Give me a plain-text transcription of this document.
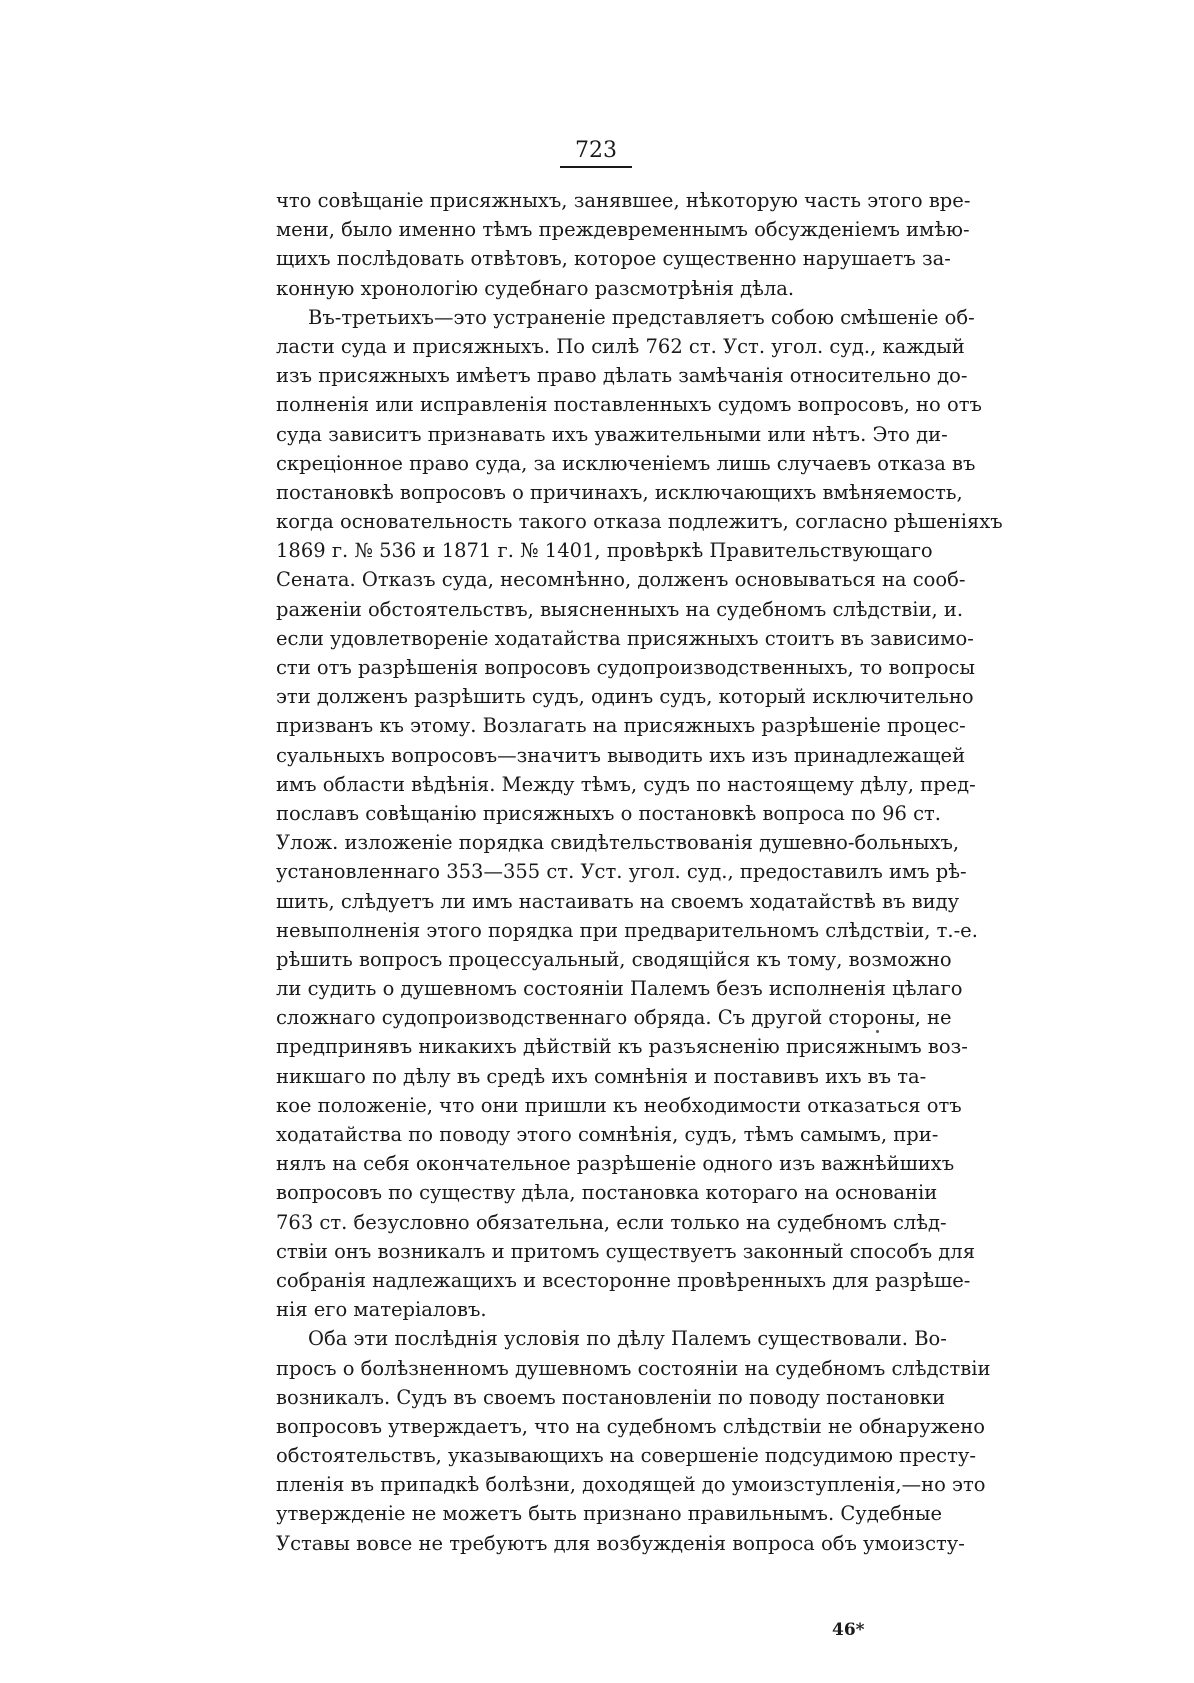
723
что совѣщаніе присяжныхъ, занявшее, нѣкоторую часть этого вре-
мени, было именно тѣмъ преждевременнымъ обсужденіемъ имѣю-
щихъ послѣдовать отвѣтовъ, которое существенно нарушаетъ за-
конную хронологію судебнаго разсмотрѣнія дѣла.
Въ-третьихъ—это устраненіе представляетъ собою смѣшеніе об-
ласти суда и присяжныхъ. По силѣ 762 ст. Уст. угол. суд., каждый
изъ присяжныхъ имѣетъ право дѣлать замѣчанія относительно до-
полненія или исправленія поставленныхъ судомъ вопросовъ, но отъ
суда зависитъ признавать ихъ уважительными или нѣтъ. Это ди-
скреціонное право суда, за исключеніемъ лишь случаевъ отказа въ
постановкѣ вопросовъ о причинахъ, исключающихъ вмѣняемость,
когда основательность такого отказа подлежитъ, согласно рѣшеніяхъ
1869 г. № 536 и 1871 г. № 1401, провѣркѣ Правительствующаго
Сената. Отказъ суда, несомнѣнно, долженъ основываться на сооб-
раженіи обстоятельствъ, выясненныхъ на судебномъ слѣдствіи, и.
если удовлетвореніе ходатайства присяжныхъ стоитъ въ зависимо-
сти отъ разрѣшенія вопросовъ судопроизводственныхъ, то вопросы
эти долженъ разрѣшить судъ, одинъ судъ, который исключительно
призванъ къ этому. Возлагать на присяжныхъ разрѣшеніе процес-
суальныхъ вопросовъ—значитъ выводить ихъ изъ принадлежащей
имъ области вѣдѣнія. Между тѣмъ, судъ по настоящему дѣлу, пред-
пославъ совѣщанію присяжныхъ о постановкѣ вопроса по 96 ст.
Улож. изложеніе порядка свидѣтельствованія душевно-больныхъ,
установленнаго 353—355 ст. Уст. угол. суд., предоставилъ имъ рѣ-
шить, слѣдуетъ ли имъ настаивать на своемъ ходатайствѣ въ виду
невыполненія этого порядка при предварительномъ слѣдствіи, т.-е.
рѣшить вопросъ процессуальный, сводящійся къ тому, возможно
ли судить о душевномъ состояніи Палемъ безъ исполненія цѣлаго
сложнаго судопроизводственнаго обряда. Съ другой стороны, не
предпринявъ никакихъ дѣйствій къ разъясненію присяжнымъ воз-
никшаго по дѣлу въ средѣ ихъ сомнѣнія и поставивъ ихъ въ та-
кое положеніе, что они пришли къ необходимости отказаться отъ
ходатайства по поводу этого сомнѣнія, судъ, тѣмъ самымъ, при-
нялъ на себя окончательное разрѣшеніе одного изъ важнѣйшихъ
вопросовъ по существу дѣла, постановка котораго на основаніи
763 ст. безусловно обязательна, если только на судебномъ слѣд-
ствіи онъ возникалъ и притомъ существуетъ законный способъ для
собранія надлежащихъ и всесторонне провѣренныхъ для разрѣше-
нія его матеріаловъ.
Оба эти послѣднія условія по дѣлу Палемъ существовали. Во-
просъ о болѣзненномъ душевномъ состояніи на судебномъ слѣдствіи
возникалъ. Судъ въ своемъ постановленіи по поводу постановки
вопросовъ утверждаетъ, что на судебномъ слѣдствіи не обнаружено
обстоятельствъ, указывающихъ на совершеніе подсудимою престу-
пленія въ припадкѣ болѣзни, доходящей до умоизступленія,—но это
утвержденіе не можетъ быть признано правильнымъ. Судебные
Уставы вовсе не требуютъ для возбужденія вопроса объ умоизсту-
46*
